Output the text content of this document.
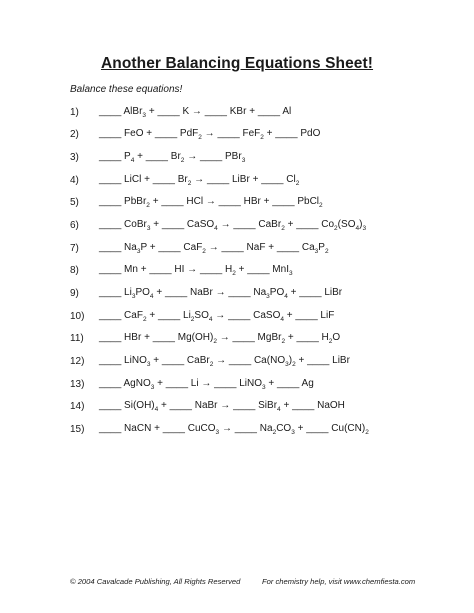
Another Balancing Equations Sheet!
Balance these equations!
1)	____ AlBr$_3$ + ____ K → ____ KBr + ____ Al
2)	____ FeO + ____ PdF$_2$ → ____ FeF$_2$ + ____ PdO
3)	____ $P_4$ + ____ $Br_2$ → ____ PBr$_3$
4)	____ LiCl + ____ $Br_2$ → ____ LiBr + ____ $Cl_2$
5)	____ PbBr$_2$ + ____ HCl → ____ HBr + ____ PbCl$_2$
6)	____ CoBr$_3$ + ____ CaSO$_4$ → ____ CaBr$_2$ + ____ $Co_2(SO_4)_3$
7)	____ $Na_3P$ + ____ CaF$_2$ → ____ NaF + ____ $Ca_3P_2$
8)	____ Mn + ____ HI → ____ $H_2$ + ____ MnI$_3$
9)	____ $Li_3PO_4$ + ____ NaBr → ____ $Na_3PO_4$ + ____ LiBr
10)	____ CaF$_2$ + ____ $Li_2SO_4$ → ____ CaSO$_4$ + ____ LiF
11)	____ HBr + ____ $Mg(OH)_2$ → ____ MgBr$_2$ + ____ $H_2O$
12)	____ LiNO$_3$ + ____ CaBr$_2$ → ____ $Ca(NO_3)_2$ + ____ LiBr
13)	____ AgNO$_3$ + ____ Li → ____ LiNO$_3$ + ____ Ag
14)	____ $Si(OH)_4$ + ____ NaBr → ____ SiBr$_4$ + ____ NaOH
15)	____ NaCN + ____ CuCO$_3$ → ____ $Na_2CO_3$ + ____ $Cu(CN)_2$
© 2004 Cavalcade Publishing, All Rights Reserved	For chemistry help, visit www.chemfiesta.com
